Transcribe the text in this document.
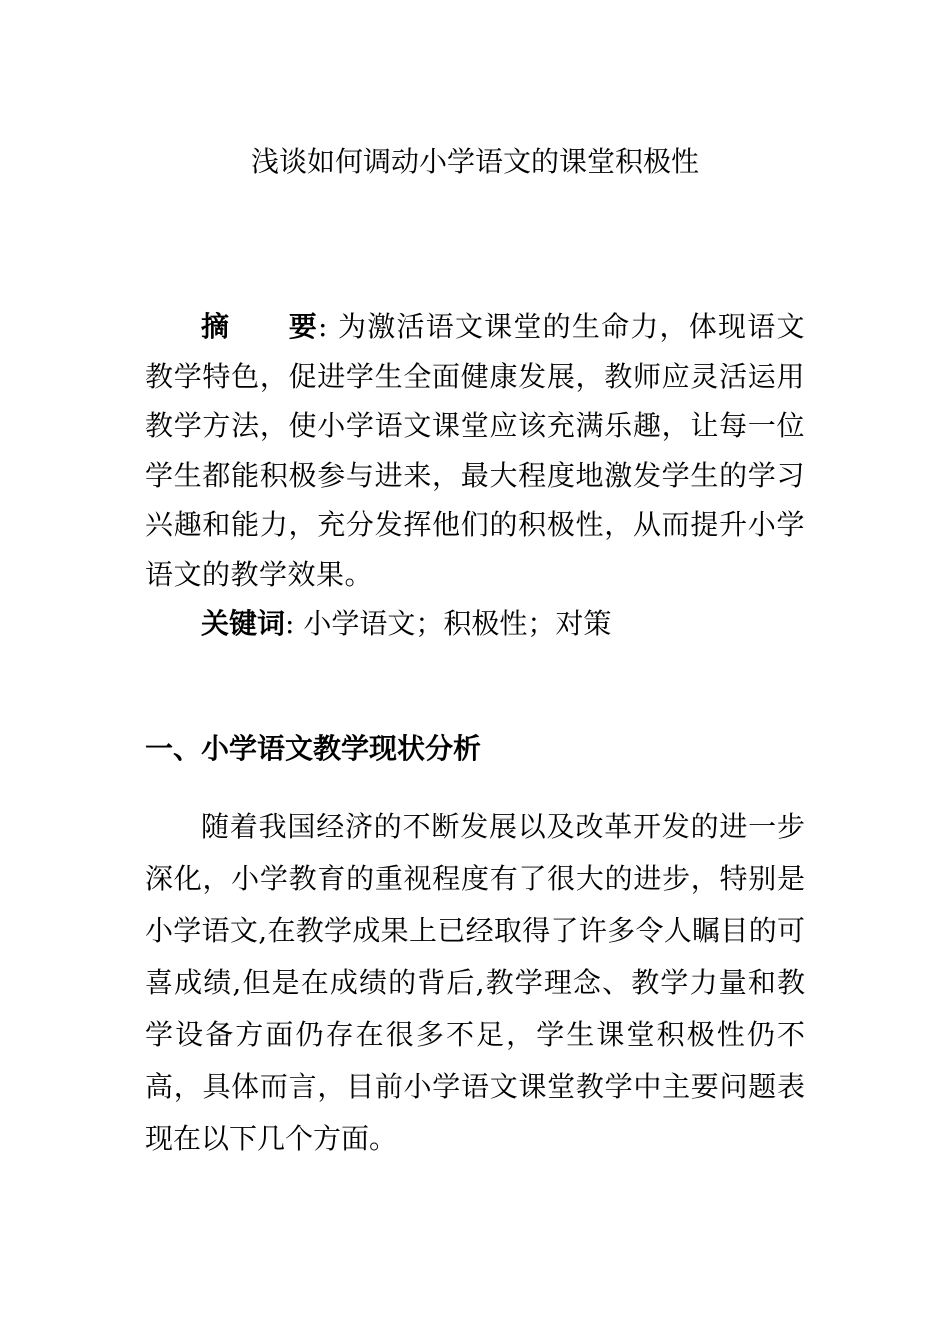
浅谈如何调动小学语文的课堂积极性

摘　　要: 为激活语文课堂的生命力，体现语文教学特色，促进学生全面健康发展，教师应灵活运用教学方法，使小学语文课堂应该充满乐趣，让每一位学生都能积极参与进来，最大程度地激发学生的学习兴趣和能力，充分发挥他们的积极性，从而提升小学语文的教学效果。

关键词: 小学语文；积极性；对策

一、小学语文教学现状分析

随着我国经济的不断发展以及改革开发的进一步深化，小学教育的重视程度有了很大的进步，特别是小学语文,在教学成果上已经取得了许多令人瞩目的可喜成绩,但是在成绩的背后,教学理念、教学力量和教学设备方面仍存在很多不足，学生课堂积极性仍不高，具体而言，目前小学语文课堂教学中主要问题表现在以下几个方面。
